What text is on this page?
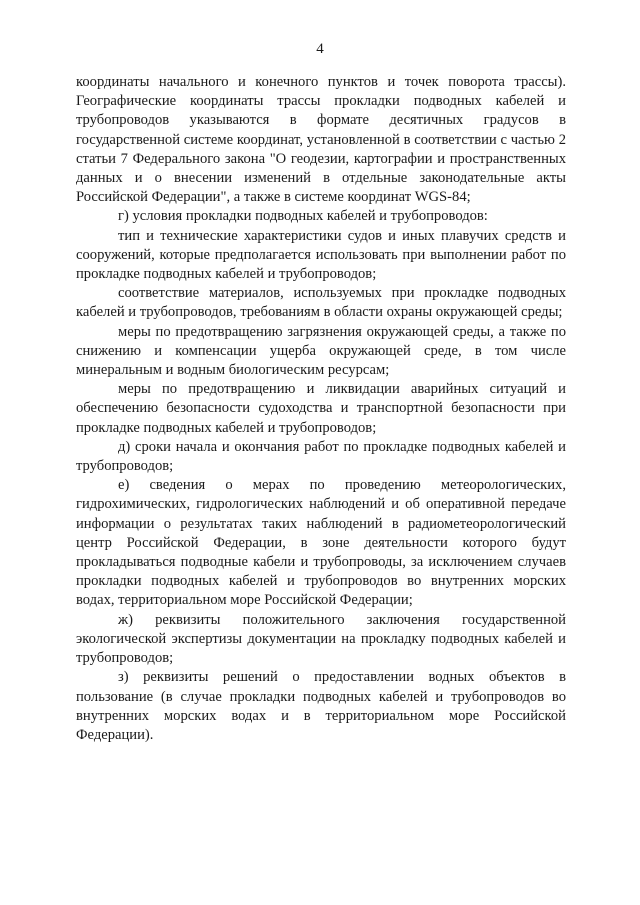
4

координаты начального и конечного пунктов и точек поворота трассы). Географические координаты трассы прокладки подводных кабелей и трубопроводов указываются в формате десятичных градусов в государственной системе координат, установленной в соответствии с частью 2 статьи 7 Федерального закона "О геодезии, картографии и пространственных данных и о внесении изменений в отдельные законодательные акты Российской Федерации", а также в системе координат WGS-84;

г) условия прокладки подводных кабелей и трубопроводов:

тип и технические характеристики судов и иных плавучих средств и сооружений, которые предполагается использовать при выполнении работ по прокладке подводных кабелей и трубопроводов;

соответствие материалов, используемых при прокладке подводных кабелей и трубопроводов, требованиям в области охраны окружающей среды;

меры по предотвращению загрязнения окружающей среды, а также по снижению и компенсации ущерба окружающей среде, в том числе минеральным и водным биологическим ресурсам;

меры по предотвращению и ликвидации аварийных ситуаций и обеспечению безопасности судоходства и транспортной безопасности при прокладке подводных кабелей и трубопроводов;

д) сроки начала и окончания работ по прокладке подводных кабелей и трубопроводов;

е) сведения о мерах по проведению метеорологических, гидрохимических, гидрологических наблюдений и об оперативной передаче информации о результатах таких наблюдений в радиометеорологический центр Российской Федерации, в зоне деятельности которого будут прокладываться подводные кабели и трубопроводы, за исключением случаев прокладки подводных кабелей и трубопроводов во внутренних морских водах, территориальном море Российской Федерации;

ж) реквизиты положительного заключения государственной экологической экспертизы документации на прокладку подводных кабелей и трубопроводов;

з) реквизиты решений о предоставлении водных объектов в пользование (в случае прокладки подводных кабелей и трубопроводов во внутренних морских водах и в территориальном море Российской Федерации).
